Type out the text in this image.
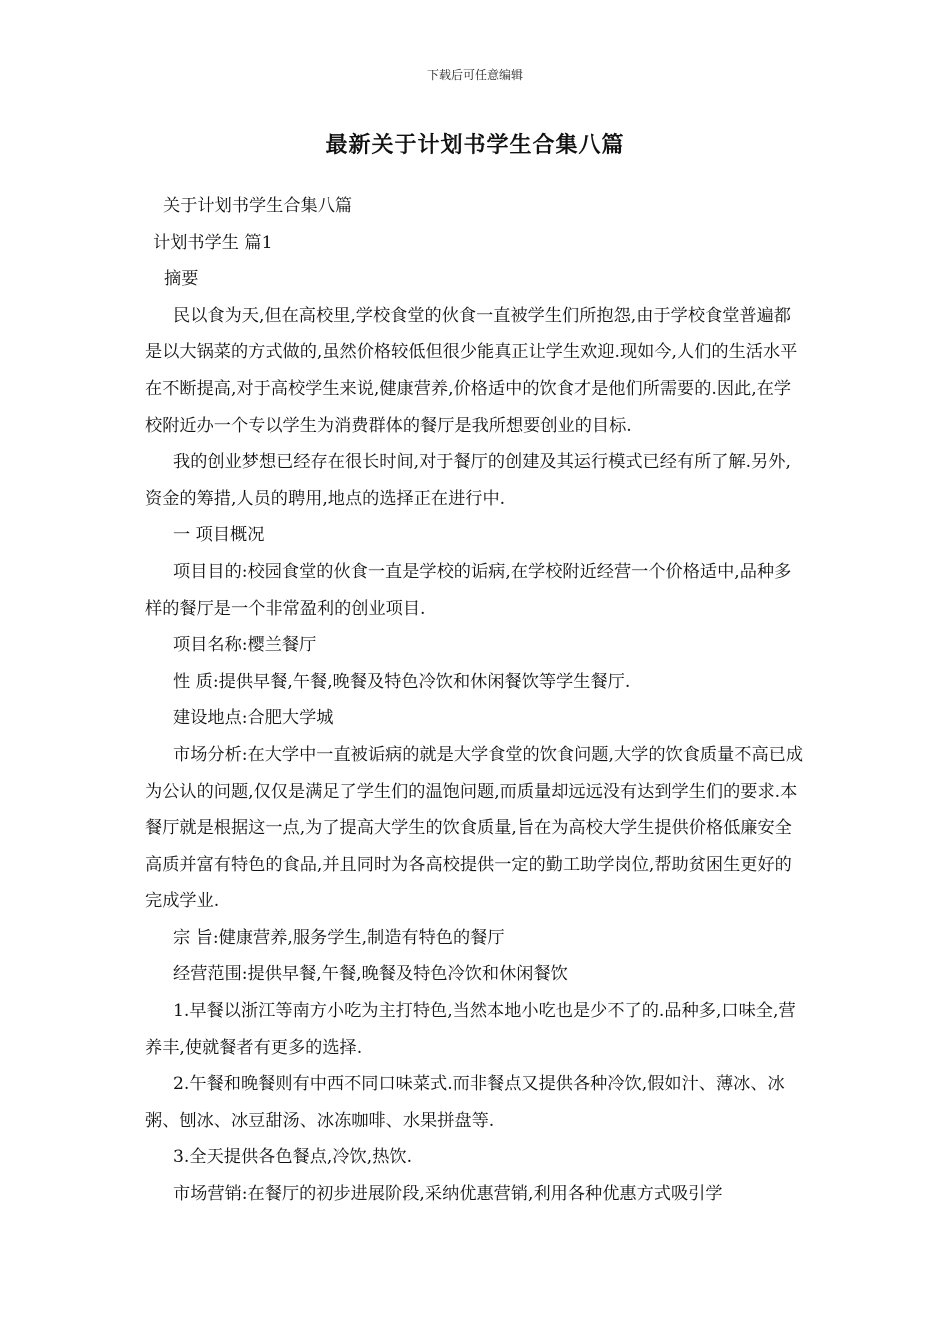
下载后可任意编辑
最新关于计划书学生合集八篇

关于计划书学生合集八篇

计划书学生 篇1

摘要

民以食为天,但在高校里,学校食堂的伙食一直被学生们所抱怨,由于学校食堂普遍都是以大锅菜的方式做的,虽然价格较低但很少能真正让学生欢迎.现如今,人们的生活水平在不断提高,对于高校学生来说,健康营养,价格适中的饮食才是他们所需要的.因此,在学校附近办一个专以学生为消费群体的餐厅是我所想要创业的目标.

我的创业梦想已经存在很长时间,对于餐厅的创建及其运行模式已经有所了解.另外,资金的筹措,人员的聘用,地点的选择正在进行中.

一 项目概况

项目目的:校园食堂的伙食一直是学校的诟病,在学校附近经营一个价格适中,品种多样的餐厅是一个非常盈利的创业项目.

项目名称:樱兰餐厅

性 质:提供早餐,午餐,晚餐及特色冷饮和休闲餐饮等学生餐厅.

建设地点:合肥大学城

市场分析:在大学中一直被诟病的就是大学食堂的饮食问题,大学的饮食质量不高已成为公认的问题,仅仅是满足了学生们的温饱问题,而质量却远远没有达到学生们的要求.本餐厅就是根据这一点,为了提高大学生的饮食质量,旨在为高校大学生提供价格低廉安全高质并富有特色的食品,并且同时为各高校提供一定的勤工助学岗位,帮助贫困生更好的完成学业.

宗 旨:健康营养,服务学生,制造有特色的餐厅

经营范围:提供早餐,午餐,晚餐及特色冷饮和休闲餐饮

1.早餐以浙江等南方小吃为主打特色,当然本地小吃也是少不了的.品种多,口味全,营养丰,使就餐者有更多的选择.

2.午餐和晚餐则有中西不同口味菜式.而非餐点又提供各种冷饮,假如汁、薄冰、冰粥、刨冰、冰豆甜汤、冰冻咖啡、水果拼盘等.

3.全天提供各色餐点,冷饮,热饮.

市场营销:在餐厅的初步进展阶段,采纳优惠营销,利用各种优惠方式吸引学
